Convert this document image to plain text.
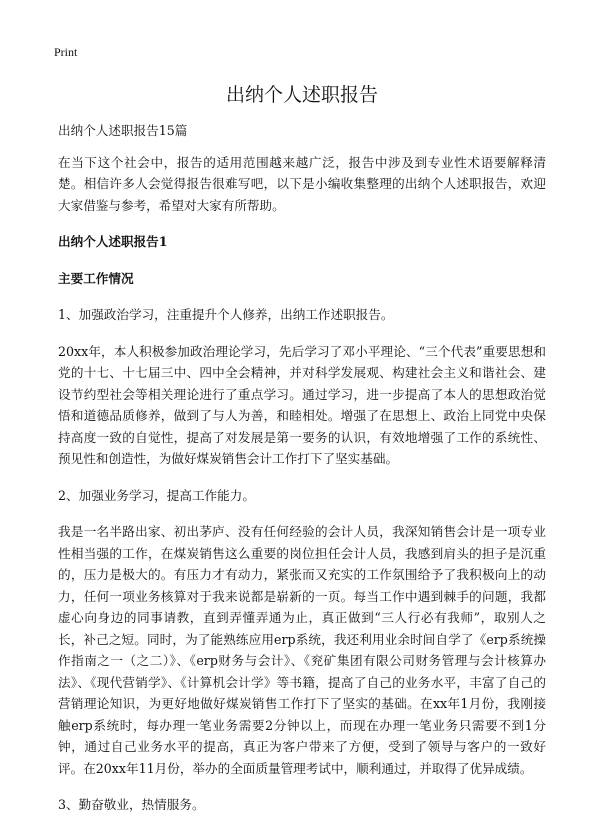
Print
出纳个人述职报告

出纳个人述职报告15篇

在当下这个社会中，报告的适用范围越来越广泛，报告中涉及到专业性术语要解释清楚。相信许多人会觉得报告很难写吧，以下是小编收集整理的出纳个人述职报告，欢迎大家借鉴与参考，希望对大家有所帮助。

出纳个人述职报告1
主要工作情况

1、加强政治学习，注重提升个人修养，出纳工作述职报告。

20xx年，本人积极参加政治理论学习，先后学习了邓小平理论、“三个代表”重要思想和党的十七、十七届三中、四中全会精神，并对科学发展观、构建社会主义和谐社会、建设节约型社会等相关理论进行了重点学习。通过学习，进一步提高了本人的思想政治觉悟和道德品质修养，做到了与人为善，和睦相处。增强了在思想上、政治上同党中央保持高度一致的自觉性，提高了对发展是第一要务的认识，有效地增强了工作的系统性、预见性和创造性，为做好煤炭销售会计工作打下了坚实基础。

2、加强业务学习，提高工作能力。

我是一名半路出家、初出茅庐、没有任何经验的会计人员，我深知销售会计是一项专业性相当强的工作，在煤炭销售这么重要的岗位担任会计人员，我感到肩头的担子是沉重的，压力是极大的。有压力才有动力，紧张而又充实的工作氛围给予了我积极向上的动力，任何一项业务核算对于我来说都是崭新的一页。每当工作中遇到棘手的问题，我都虚心向身边的同事请教，直到弄懂弄通为止，真正做到“三人行必有我师”，取别人之长，补己之短。同时，为了能熟练应用erp系统，我还利用业余时间自学了《erp系统操作指南之一（之二）》、《erp财务与会计》、《兖矿集团有限公司财务管理与会计核算办法》、《现代营销学》、《计算机会计学》等书籍，提高了自己的业务水平，丰富了自己的营销理论知识，为更好地做好煤炭销售工作打下了坚实的基础。在xx年1月份，我刚接触erp系统时，每办理一笔业务需要2分钟以上，而现在办理一笔业务只需要不到1分钟，通过自己业务水平的提高，真正为客户带来了方便，受到了领导与客户的一致好评。在20xx年11月份，举办的全面质量管理考试中，顺利通过，并取得了优异成绩。

3、勤奋敬业，热情服务。
